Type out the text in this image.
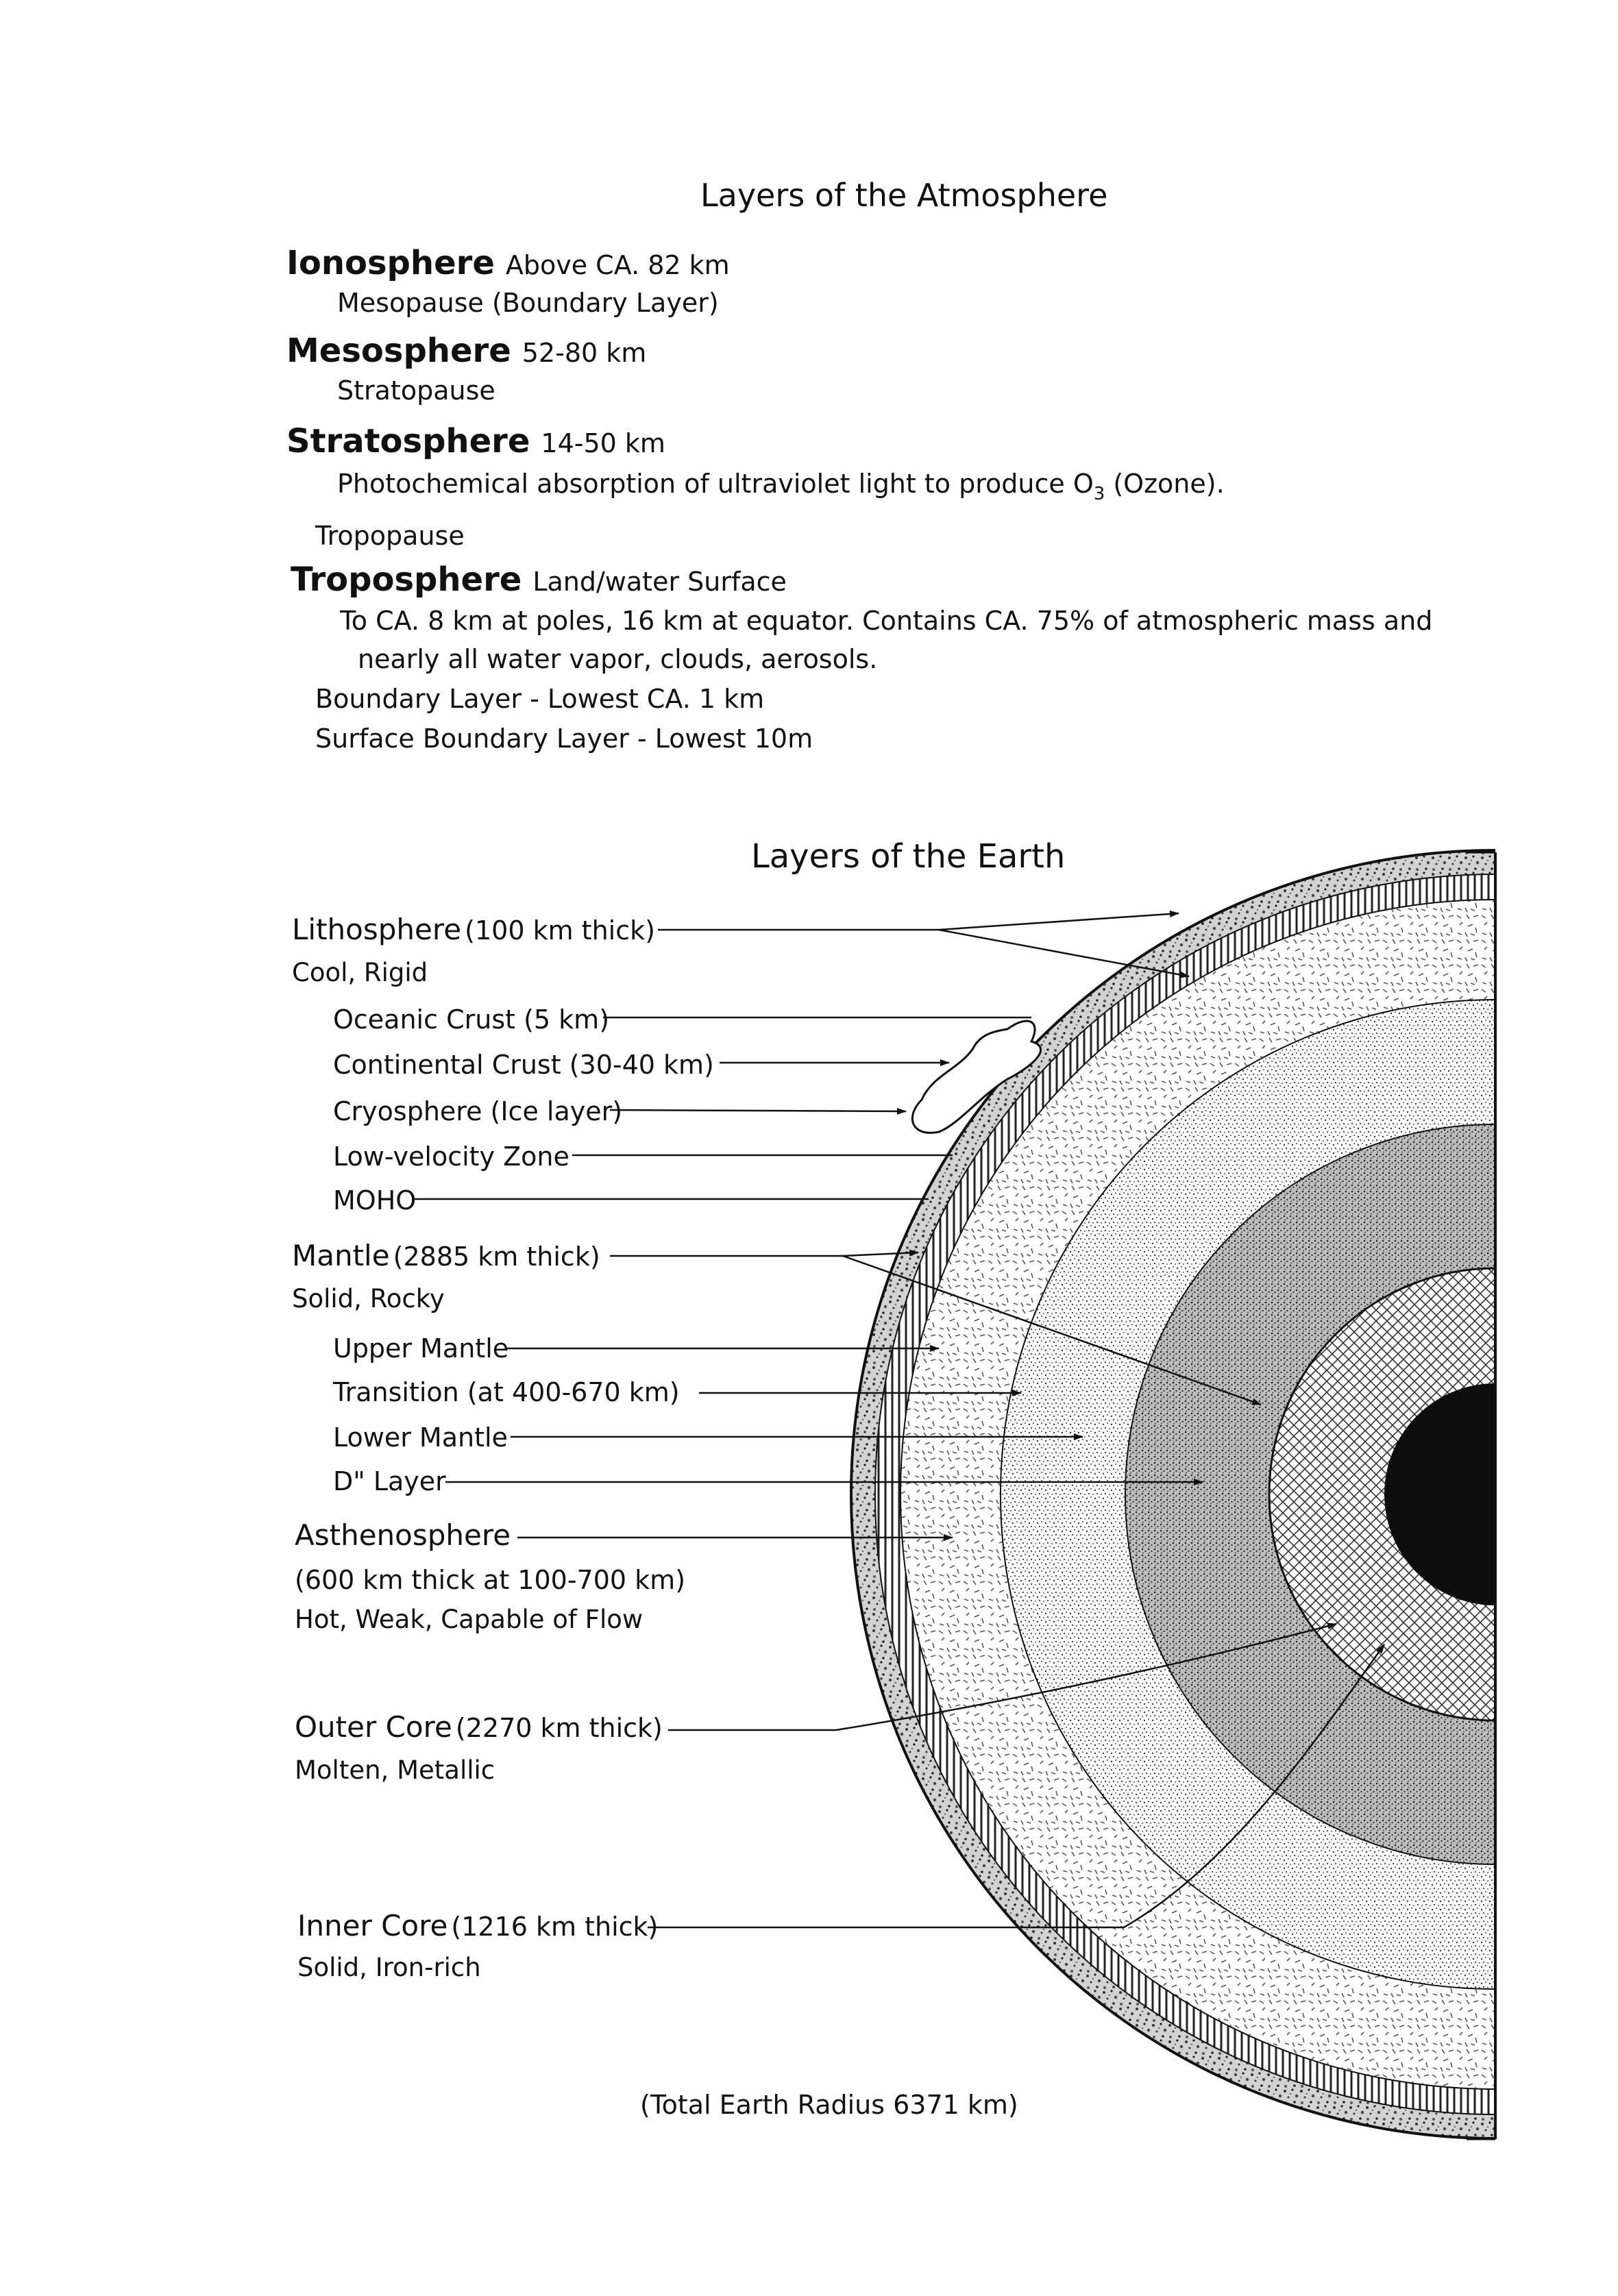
Layers of the Atmosphere
Ionosphere Above CA. 82 km
Mesopause (Boundary Layer)
Mesosphere 52-80 km
Stratopause
Stratosphere 14-50 km
Photochemical absorption of ultraviolet light to produce $O_3$ (Ozone).
Tropopause
Troposphere Land/water Surface
To CA. 8 km at poles, 16 km at equator. Contains CA. 75% of atmospheric mass and
nearly all water vapor, clouds, aerosols.
Boundary Layer - Lowest CA. 1 km
Surface Boundary Layer - Lowest 10m
Layers of the Earth
Lithosphere (100 km thick)
Cool, Rigid
Oceanic Crust (5 km)
Continental Crust (30-40 km)
Cryosphere (Ice layer)
Low-velocity Zone
MOHO
Mantle (2885 km thick)
Solid, Rocky
Upper Mantle
Transition (at 400-670 km)
Lower Mantle
D" Layer
Asthenosphere
(600 km thick at 100-700 km)
Hot, Weak, Capable of Flow
Outer Core (2270 km thick)
Molten, Metallic
Inner Core (1216 km thick)
Solid, Iron-rich
(Total Earth Radius 6371 km)
